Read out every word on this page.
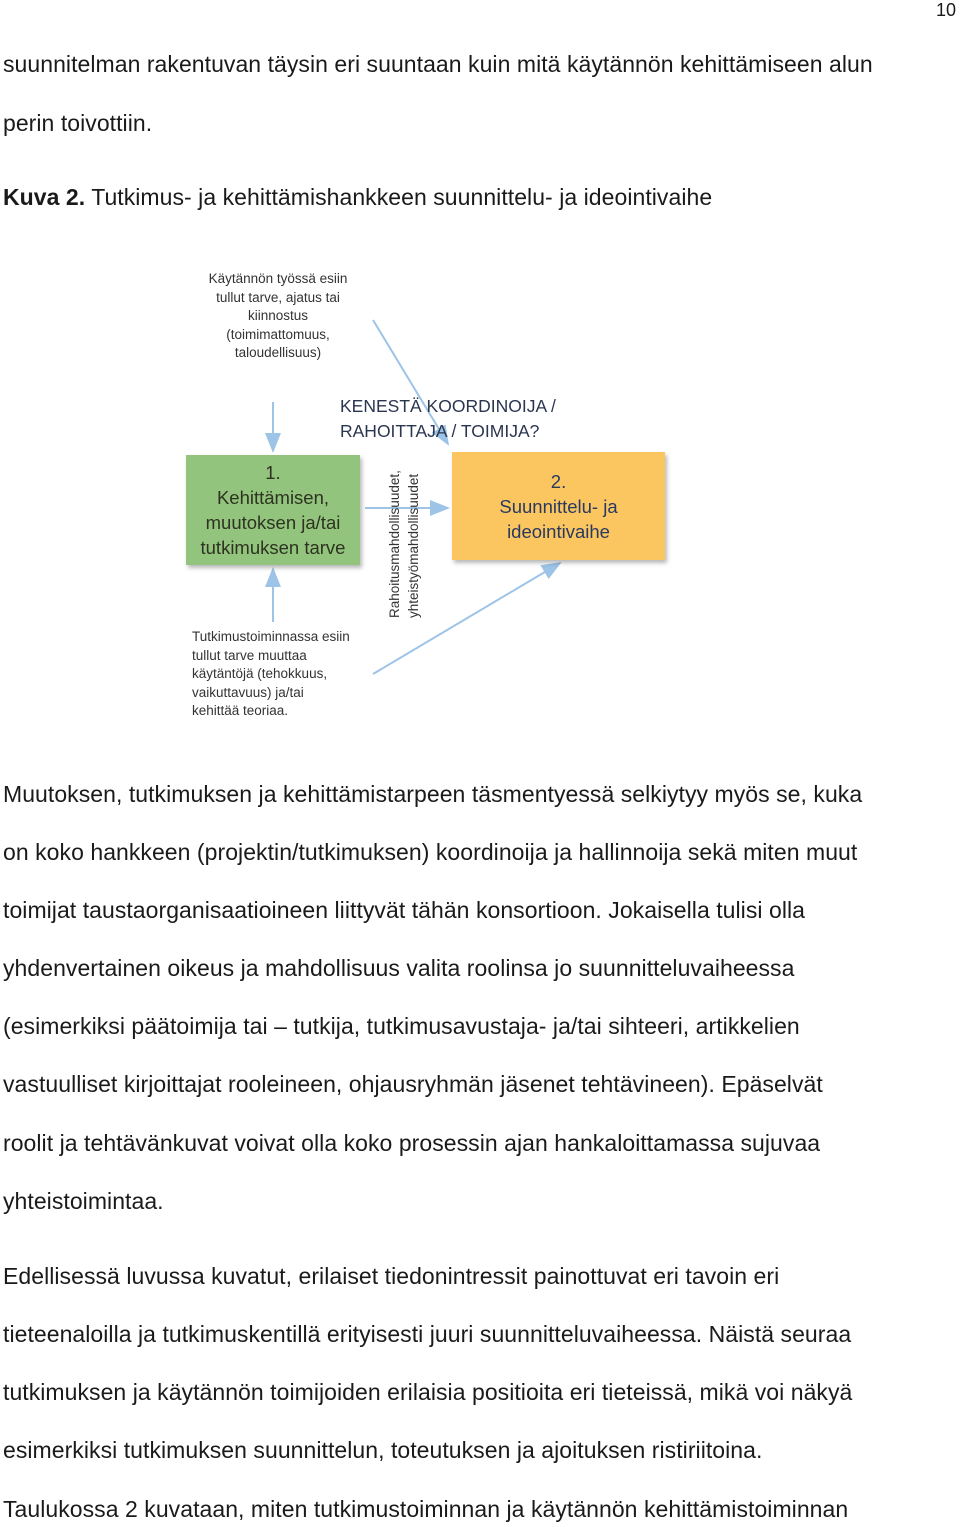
10
suunnitelman rakentuvan täysin eri suuntaan kuin mitä käytännön kehittämiseen alun
perin toivottiin.
Kuva 2. Tutkimus- ja kehittämishankkeen suunnittelu- ja ideointivaihe
Käytännön työssä esiin
tullut tarve, ajatus tai
kiinnostus
(toimimattomuus,
taloudellisuus)
KENESTÄ KOORDINOIJA /
RAHOITTAJA / TOIMIJA?
1.
Kehittämisen,
muutoksen ja/tai
tutkimuksen tarve
2.
Suunnittelu- ja
ideointivaihe
Rahoitusmahdollisuudet, yhteistyömahdollisuudet
Tutkimustoiminnassa esiin
tullut tarve muuttaa
käytäntöjä (tehokkuus,
vaikuttavuus) ja/tai
kehittää teoriaa.
Muutoksen, tutkimuksen ja kehittämistarpeen täsmentyessä selkiytyy myös se, kuka
on koko hankkeen (projektin/tutkimuksen) koordinoija ja hallinnoija sekä miten muut
toimijat taustaorganisaatioineen liittyvät tähän konsortioon. Jokaisella tulisi olla
yhdenvertainen oikeus ja mahdollisuus valita roolinsa jo suunnitteluvaiheessa
(esimerkiksi päätoimija tai – tutkija, tutkimusavustaja- ja/tai sihteeri, artikkelien
vastuulliset kirjoittajat rooleineen, ohjausryhmän jäsenet tehtävineen). Epäselvät
roolit ja tehtävänkuvat voivat olla koko prosessin ajan hankaloittamassa sujuvaa
yhteistoimintaa.
Edellisessä luvussa kuvatut, erilaiset tiedonintressit painottuvat eri tavoin eri
tieteenaloilla ja tutkimuskentillä erityisesti juuri suunnitteluvaiheessa. Näistä seuraa
tutkimuksen ja käytännön toimijoiden erilaisia positioita eri tieteissä, mikä voi näkyä
esimerkiksi tutkimuksen suunnittelun, toteutuksen ja ajoituksen ristiriitoina.
Taulukossa 2 kuvataan, miten tutkimustoiminnan ja käytännön kehittämistoiminnan
